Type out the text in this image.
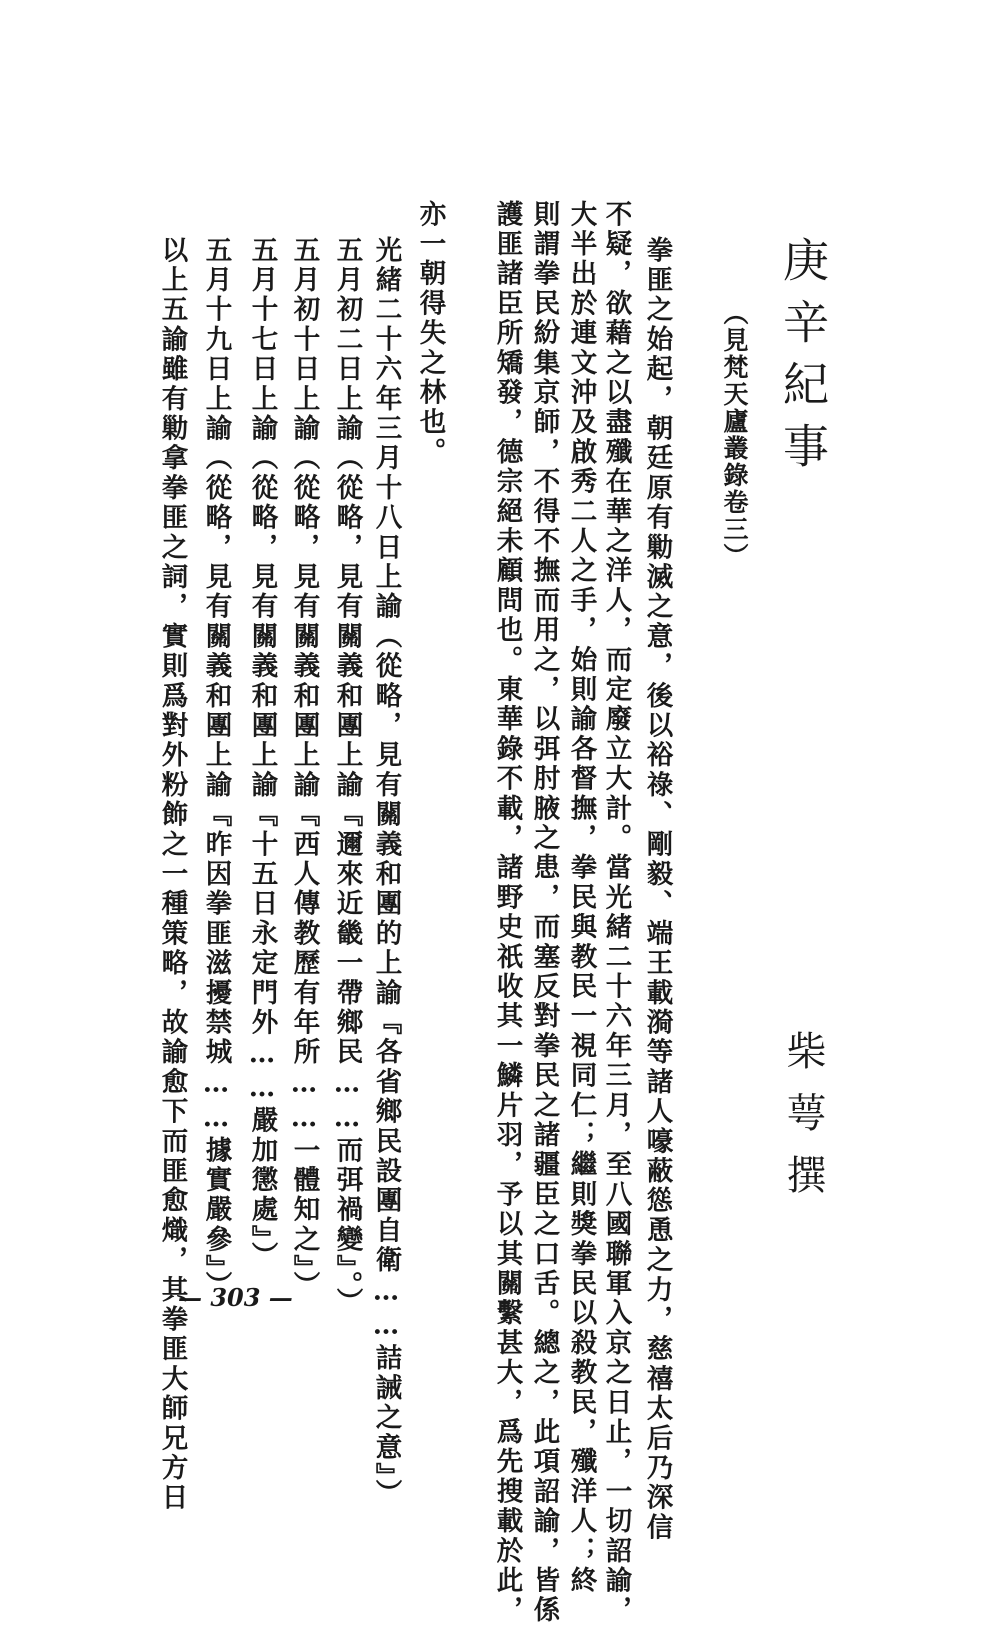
庚辛紀事
柴萼撰
（見梵天廬叢錄卷三）
拳匪之始起，朝廷原有勦滅之意，後以裕祿、剛毅、端王載漪等諸人嚎蔽慫恿之力，慈禧太后乃深信
不疑，欲藉之以盡殲在華之洋人，而定廢立大計。當光緒二十六年三月，至八國聯軍入京之日止，一切詔諭，
大半出於連文沖及啟秀二人之手，始則諭各督撫，拳民與教民一視同仁；繼則獎拳民以殺教民，殲洋人；終
則謂拳民紛集京師，不得不撫而用之，以弭肘腋之患，而塞反對拳民之諸疆臣之口舌。總之，此項詔諭，皆係
護匪諸臣所矯發，德宗絕未顧問也。東華錄不載，諸野史祇收其一鱗片羽，予以其關繫甚大，爲先搜載於此，
亦一朝得失之林也。
光緒二十六年三月十八日上諭（從略，見有關義和團的上諭『各省鄉民設團自衛……詰誡之意』）
五月初二日上諭（從略，見有關義和團上諭『邇來近畿一帶鄉民……而弭禍變』。）
五月初十日上諭（從略，見有關義和團上諭『西人傳教歷有年所……一體知之』）
五月十七日上諭（從略，見有關義和團上諭『十五日永定門外……嚴加懲處』）
五月十九日上諭（從略，見有關義和團上諭『昨因拳匪滋擾禁城……據實嚴參』）
以上五諭雖有勦拿拳匪之詞，實則爲對外粉飾之一種策略，故諭愈下而匪愈熾，其拳匪大師兄方日
— 303 —
